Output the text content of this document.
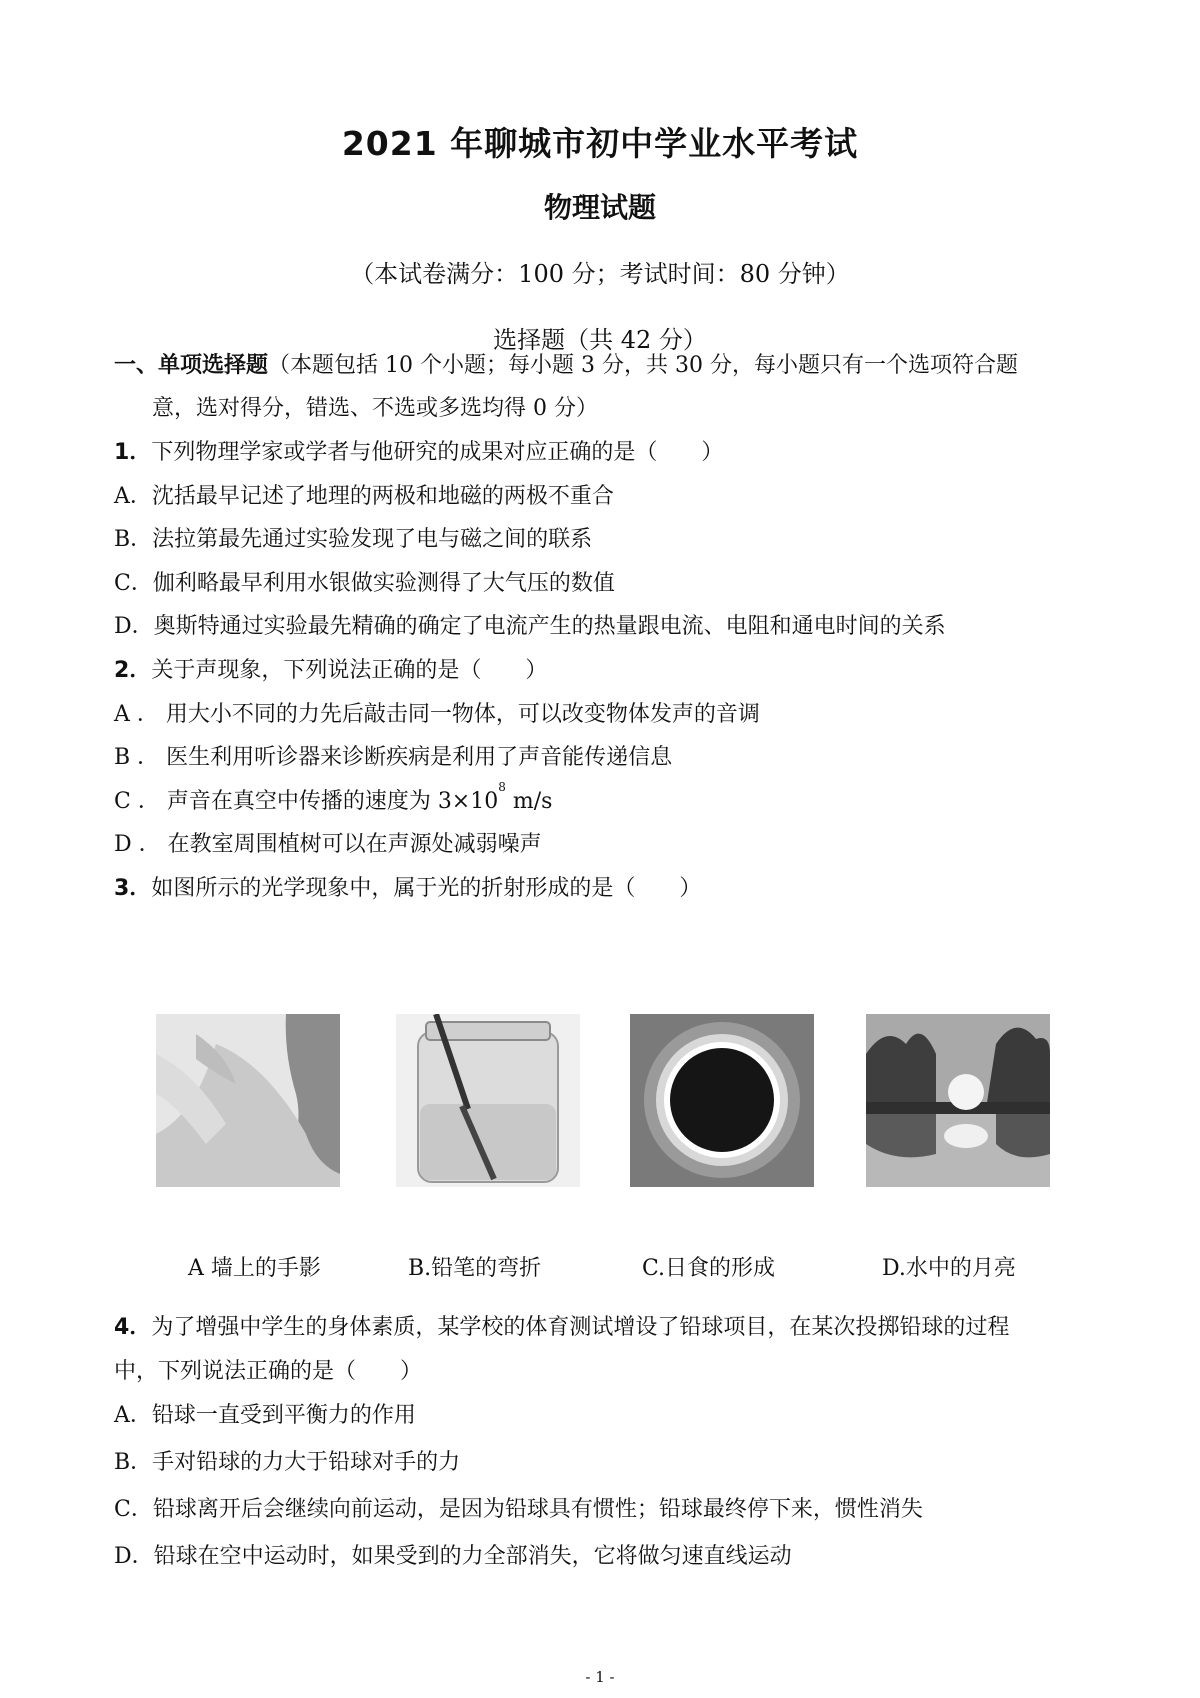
2021 年聊城市初中学业水平考试
物理试题
（本试卷满分：100 分；考试时间：80 分钟）
选择题（共 42 分）
一、单项选择题（本题包括 10 个小题；每小题 3 分，共 30 分，每小题只有一个选项符合题
意，选对得分，错选、不选或多选均得 0 分）
1．下列物理学家或学者与他研究的成果对应正确的是（　　）
A．沈括最早记述了地理的两极和地磁的两极不重合
B．法拉第最先通过实验发现了电与磁之间的联系
C．伽利略最早利用水银做实验测得了大气压的数值
D．奥斯特通过实验最先精确的确定了电流产生的热量跟电流、电阻和通电时间的关系
2．关于声现象，下列说法正确的是（　　）
A ． 用大小不同的力先后敲击同一物体，可以改变物体发声的音调
B ． 医生利用听诊器来诊断疾病是利用了声音能传递信息
C ． 声音在真空中传播的速度为 $3\times 10^8$ m/s
D ． 在教室周围植树可以在声源处减弱噪声
3．如图所示的光学现象中，属于光的折射形成的是（　　）
A 墙上的手影	B.铅笔的弯折	C.日食的形成	D.水中的月亮
4．为了增强中学生的身体素质，某学校的体育测试增设了铅球项目，在某次投掷铅球的过程
中，下列说法正确的是（　　）
A．铅球一直受到平衡力的作用
B．手对铅球的力大于铅球对手的力
C．铅球离开后会继续向前运动，是因为铅球具有惯性；铅球最终停下来，惯性消失
D．铅球在空中运动时，如果受到的力全部消失，它将做匀速直线运动
- 1 -
